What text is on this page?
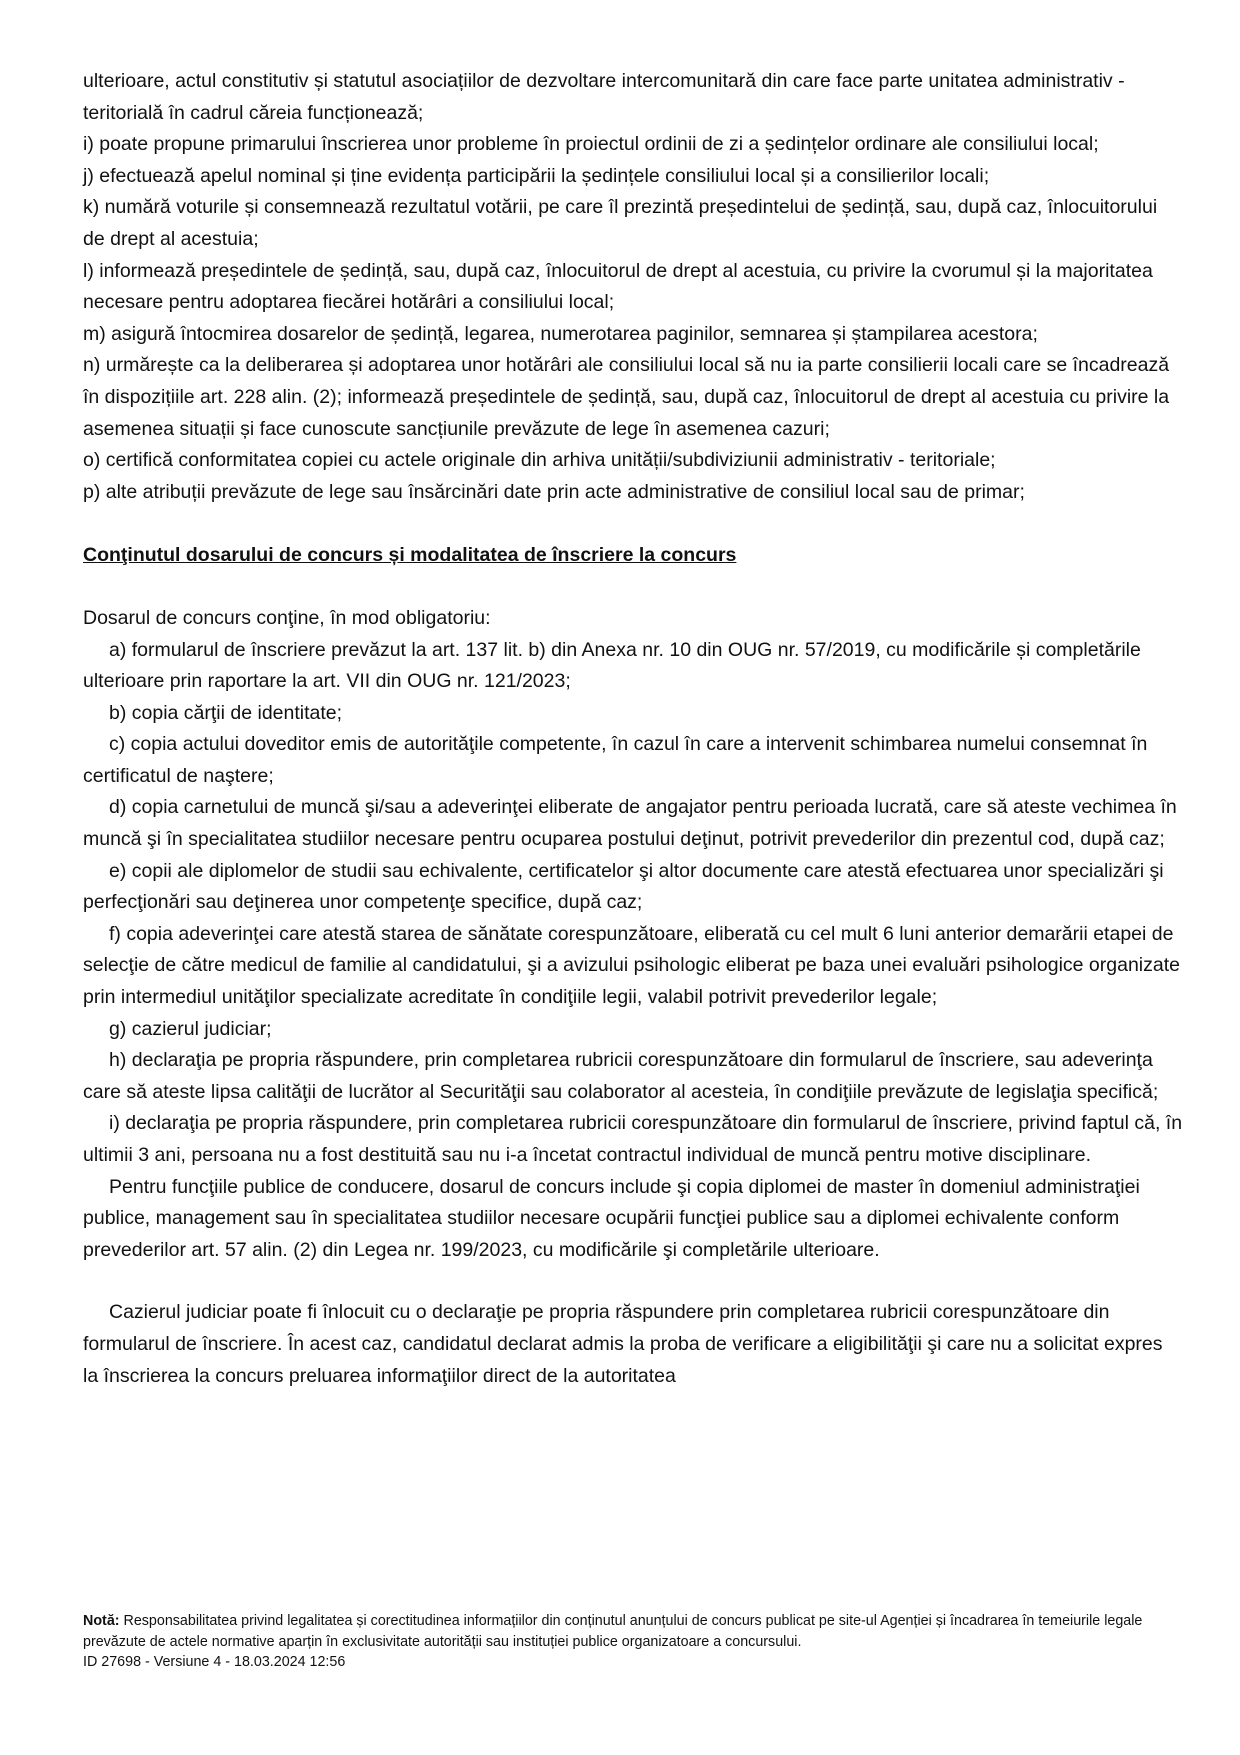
ulterioare, actul constitutiv și statutul asociațiilor de dezvoltare intercomunitară din care face parte unitatea administrativ - teritorială în cadrul căreia funcționează;

i) poate propune primarului înscrierea unor probleme în proiectul ordinii de zi a ședințelor ordinare ale consiliului local;

j) efectuează apelul nominal și ține evidența participării la ședințele consiliului local și a consilierilor locali;

k) numără voturile și consemnează rezultatul votării, pe care îl prezintă președintelui de ședință, sau, după caz, înlocuitorului de drept al acestuia;

l) informează președintele de ședință, sau, după caz, înlocuitorul de drept al acestuia, cu privire la cvorumul și la majoritatea necesare pentru adoptarea fiecărei hotărâri a consiliului local;

m) asigură întocmirea dosarelor de ședință, legarea, numerotarea paginilor, semnarea și ștampilarea acestora;

n) urmărește ca la deliberarea și adoptarea unor hotărâri ale consiliului local să nu ia parte consilierii locali care se încadrează în dispozițiile art. 228 alin. (2); informează președintele de ședință, sau, după caz, înlocuitorul de drept al acestuia cu privire la asemenea situații și face cunoscute sancțiunile prevăzute de lege în asemenea cazuri;

o) certifică conformitatea copiei cu actele originale din arhiva unității/subdiviziunii administrativ - teritoriale;

p) alte atribuții prevăzute de lege sau însărcinări date prin acte administrative de consiliul local sau de primar;

Conţinutul dosarului de concurs și modalitatea de înscriere la concurs

Dosarul de concurs conţine, în mod obligatoriu:

a) formularul de înscriere prevăzut la art. 137 lit. b) din Anexa nr. 10 din OUG nr. 57/2019, cu modificările și completările ulterioare prin raportare la art. VII din OUG nr. 121/2023;

b) copia cărţii de identitate;

c) copia actului doveditor emis de autorităţile competente, în cazul în care a intervenit schimbarea numelui consemnat în certificatul de naştere;

d) copia carnetului de muncă şi/sau a adeverinţei eliberate de angajator pentru perioada lucrată, care să ateste vechimea în muncă şi în specialitatea studiilor necesare pentru ocuparea postului deţinut, potrivit prevederilor din prezentul cod, după caz;

e) copii ale diplomelor de studii sau echivalente, certificatelor şi altor documente care atestă efectuarea unor specializări şi perfecţionări sau deţinerea unor competenţe specifice, după caz;

f) copia adeverinţei care atestă starea de sănătate corespunzătoare, eliberată cu cel mult 6 luni anterior demarării etapei de selecţie de către medicul de familie al candidatului, şi a avizului psihologic eliberat pe baza unei evaluări psihologice organizate prin intermediul unităţilor specializate acreditate în condiţiile legii, valabil potrivit prevederilor legale;

g) cazierul judiciar;

h) declaraţia pe propria răspundere, prin completarea rubricii corespunzătoare din formularul de înscriere, sau adeverinţa care să ateste lipsa calităţii de lucrător al Securităţii sau colaborator al acesteia, în condiţiile prevăzute de legislaţia specifică;

i) declaraţia pe propria răspundere, prin completarea rubricii corespunzătoare din formularul de înscriere, privind faptul că, în ultimii 3 ani, persoana nu a fost destituită sau nu i-a încetat contractul individual de muncă pentru motive disciplinare.

Pentru funcţiile publice de conducere, dosarul de concurs include şi copia diplomei de master în domeniul administraţiei publice, management sau în specialitatea studiilor necesare ocupării funcţiei publice sau a diplomei echivalente conform prevederilor art. 57 alin. (2) din Legea nr. 199/2023, cu modificările şi completările ulterioare.

Cazierul judiciar poate fi înlocuit cu o declaraţie pe propria răspundere prin completarea rubricii corespunzătoare din formularul de înscriere. În acest caz, candidatul declarat admis la proba de verificare a eligibilităţii şi care nu a solicitat expres la înscrierea la concurs preluarea informaţiilor direct de la autoritatea

Notă: Responsabilitatea privind legalitatea și corectitudinea informațiilor din conținutul anunțului de concurs publicat pe site-ul Agenției și încadrarea în temeiurile legale prevăzute de actele normative aparțin în exclusivitate autorității sau instituției publice organizatoare a concursului.
ID 27698 - Versiune 4 - 18.03.2024 12:56
